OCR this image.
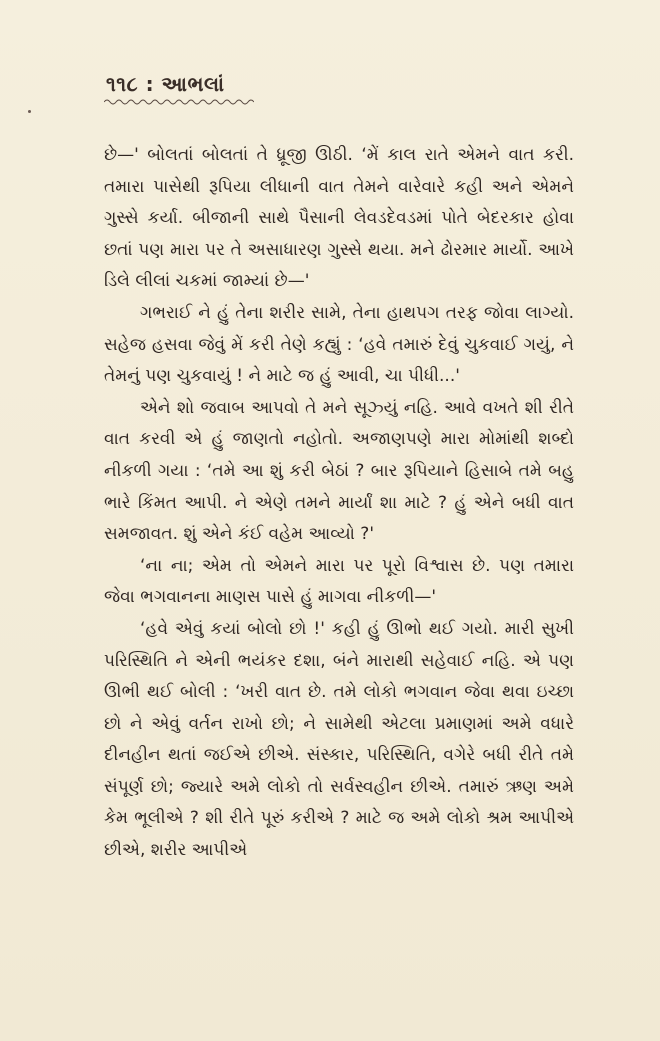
૧૧૮ : આભલાં

છે—' બોલતાં બોલતાં તે ધ્રૂજી ઊઠી. ‘મેં કાલ રાતે એમને વાત કરી. તમારા પાસેથી રૂપિયા લીધાની વાત તેમને વારેવારે કહી અને એમને ગુસ્સે કર્યા. બીજાની સાથે પૈસાની લેવડદેવડમાં પોતે બેદરકાર હોવા છતાં પણ મારા પર તે અસાધારણ ગુસ્સે થયા. મને ઢોરમાર માર્યો. આખે ડિલે લીલાં ચકમાં જામ્યાં છે—'

ગભરાઈ ને હું તેના શરીર સામે, તેના હાથપગ તરફ જોવા લાગ્યો. સહેજ હસવા જેવું મેં કરી તેણે કહ્યું : ‘હવે તમારું દેવું ચુકવાઈ ગયું, ને તેમનું પણ ચુકવાયું ! ને માટે જ હું આવી, ચા પીધી...'

એને શો જવાબ આપવો તે મને સૂઝ્યું નહિ. આવે વખતે શી રીતે વાત કરવી એ હું જાણતો નહોતો. અજાણપણે મારા મોમાંથી શબ્દો નીકળી ગયા : ‘તમે આ શું કરી બેઠાં ? બાર રૂપિયાને હિસાબે તમે બહુ ભારે કિંમત આપી. ને એણે તમને માર્યાં શા માટે ? હું એને બધી વાત સમજાવત. શું એને કંઈ વહેમ આવ્યો ?'

‘ના ના; એમ તો એમને મારા પર પૂરો વિશ્વાસ છે. પણ તમારા જેવા ભગવાનના માણસ પાસે હું માગવા નીકળી—'

‘હવે એવું કયાં બોલો છો !' કહી હું ઊભો થઈ ગયો. મારી સુખી પરિસ્થિતિ ને એની ભયંકર દશા, બંને મારાથી સહેવાઈ નહિ. એ પણ ઊભી થઈ બોલી : ‘ખરી વાત છે. તમે લોકો ભગવાન જેવા થવા ઇચ્છા છો ને એવું વર્તન રાખો છો; ને સામેથી એટલા પ્રમાણમાં અમે વધારે દીનહીન થતાં જઈએ છીએ. સંસ્કાર, પરિસ્થિતિ, વગેરે બધી રીતે તમે સંપૂર્ણ છો; જ્યારે અમે લોકો તો સર્વસ્વહીન છીએ. તમારું ઋણ અમે કેમ ભૂલીએ ? શી રીતે પૂરું કરીએ ? માટે જ અમે લોકો શ્રમ આપીએ છીએ, શરીર આપીએ
